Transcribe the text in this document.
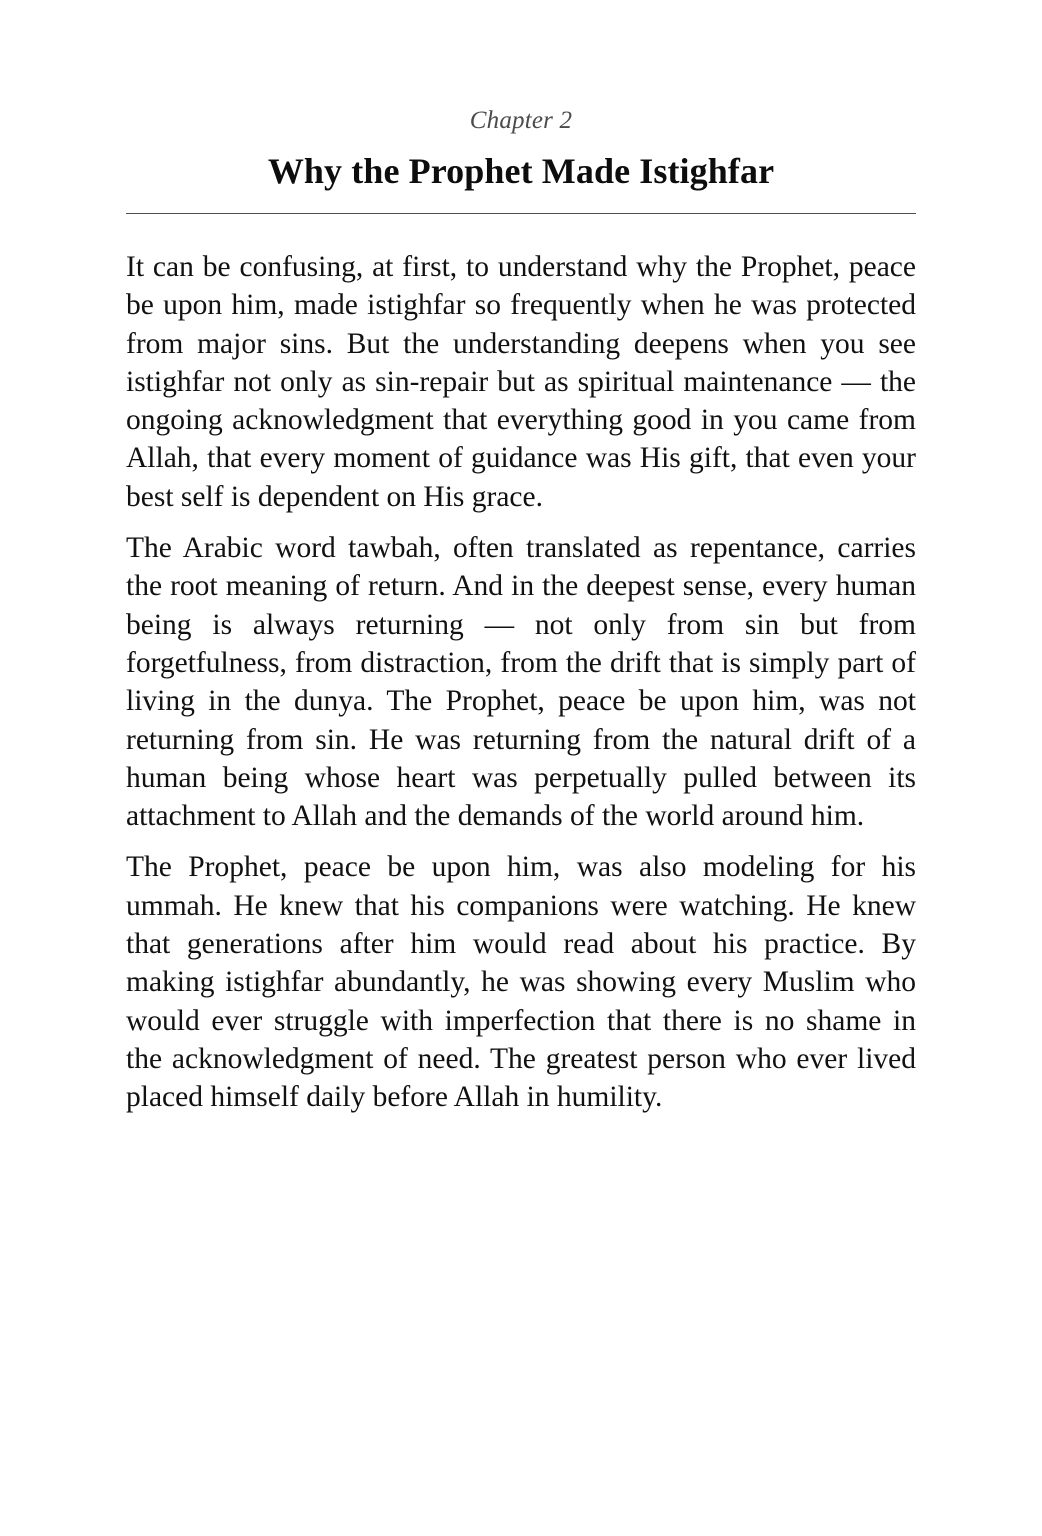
Chapter 2
Why the Prophet Made Istighfar

It can be confusing, at first, to understand why the Prophet, peace be upon him, made istighfar so frequently when he was protected from major sins. But the understanding deepens when you see istighfar not only as sin-repair but as spiritual maintenance — the ongoing acknowledgment that everything good in you came from Allah, that every moment of guidance was His gift, that even your best self is dependent on His grace.

The Arabic word tawbah, often translated as repentance, carries the root meaning of return. And in the deepest sense, every human being is always returning — not only from sin but from forgetfulness, from distraction, from the drift that is simply part of living in the dunya. The Prophet, peace be upon him, was not returning from sin. He was returning from the natural drift of a human being whose heart was perpetually pulled between its attachment to Allah and the demands of the world around him.

The Prophet, peace be upon him, was also modeling for his ummah. He knew that his companions were watching. He knew that generations after him would read about his practice. By making istighfar abundantly, he was showing every Muslim who would ever struggle with imperfection that there is no shame in the acknowledgment of need. The greatest person who ever lived placed himself daily before Allah in humility.
